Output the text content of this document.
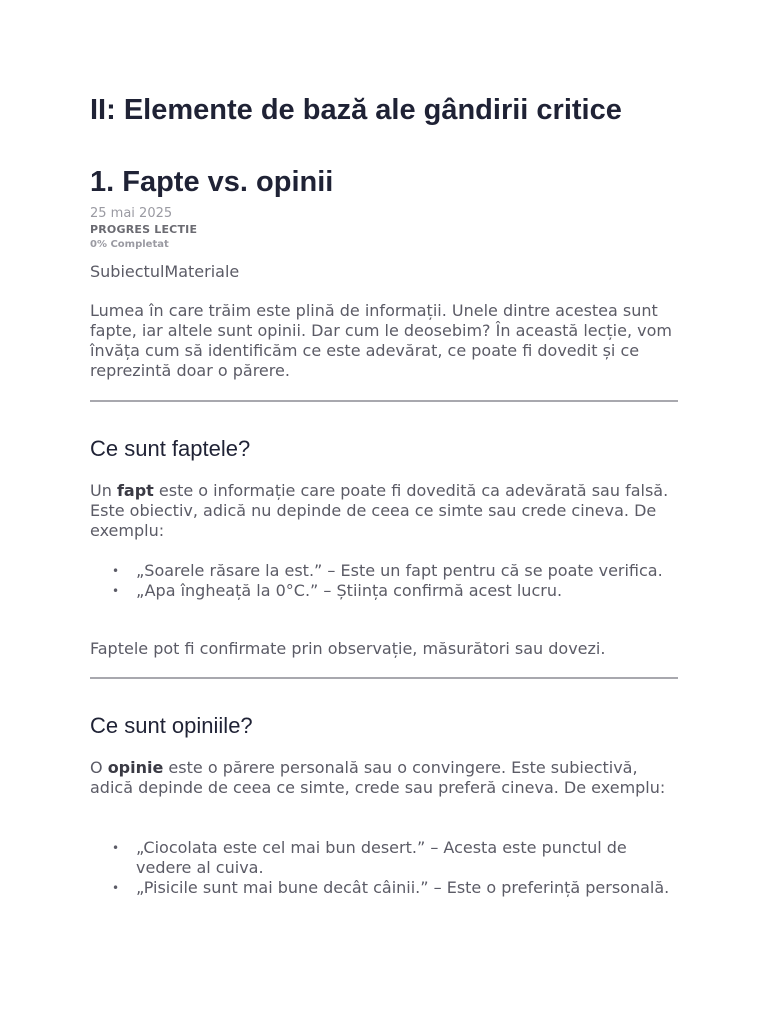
II: Elemente de bază ale gândirii critice
1. Fapte vs. opinii
25 mai 2025
PROGRES LECTIE
0% Completat
SubiectulMateriale

Lumea în care trăim este plină de informații. Unele dintre acestea sunt fapte, iar altele sunt opinii. Dar cum le deosebim? În această lecție, vom învăța cum să identificăm ce este adevărat, ce poate fi dovedit și ce reprezintă doar o părere.

Ce sunt faptele?

Un fapt este o informație care poate fi dovedită ca adevărată sau falsă. Este obiectiv, adică nu depinde de ceea ce simte sau crede cineva. De exemplu:

• „Soarele răsare la est.” – Este un fapt pentru că se poate verifica.
• „Apa îngheață la 0°C.” – Știința confirmă acest lucru.

Faptele pot fi confirmate prin observație, măsurători sau dovezi.

Ce sunt opiniile?

O opinie este o părere personală sau o convingere. Este subiectivă, adică depinde de ceea ce simte, crede sau preferă cineva. De exemplu:

• „Ciocolata este cel mai bun desert.” – Acesta este punctul de vedere al cuiva.
• „Pisicile sunt mai bune decât câinii.” – Este o preferință personală.
